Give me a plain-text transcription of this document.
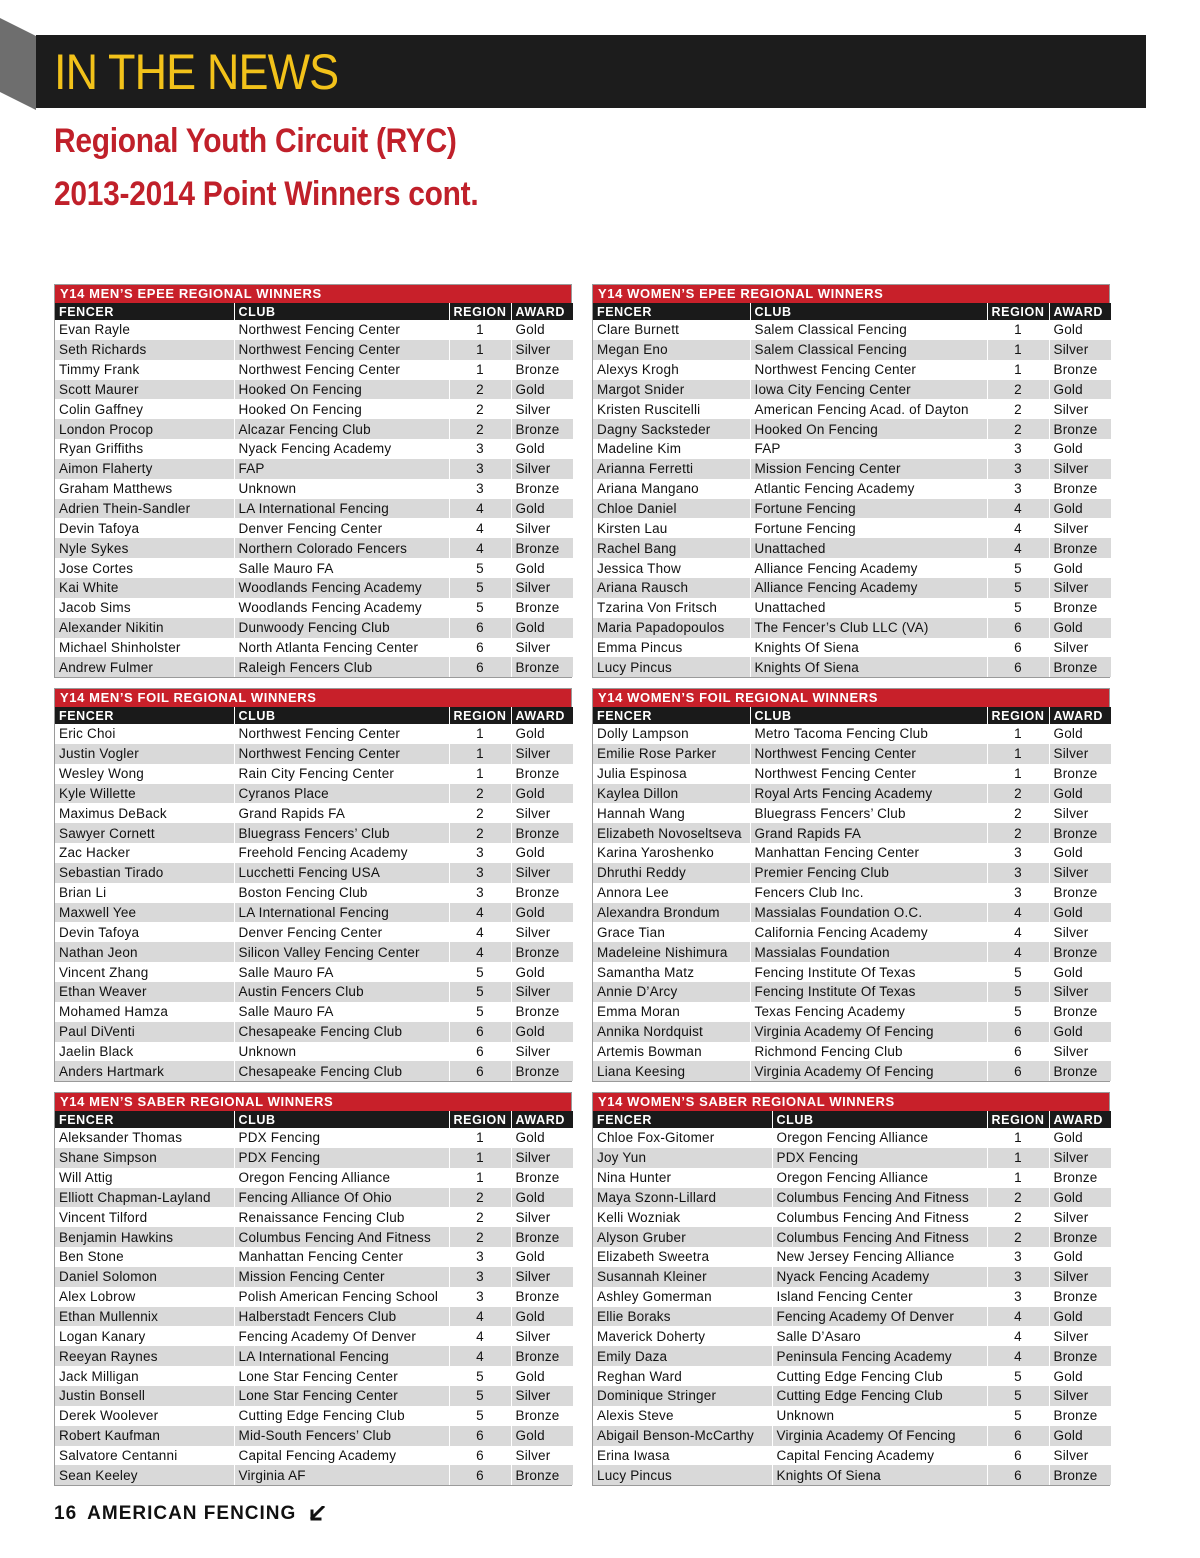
IN THE NEWS
Regional Youth Circuit (RYC)
2013-2014 Point Winners cont.
Y14 MEN’S EPEE REGIONAL WINNERS
FENCER	CLUB	REGION	AWARD
Evan Rayle	Northwest Fencing Center	1	Gold
Seth Richards	Northwest Fencing Center	1	Silver
Timmy Frank	Northwest Fencing Center	1	Bronze
Scott Maurer	Hooked On Fencing	2	Gold
Colin Gaffney	Hooked On Fencing	2	Silver
London Procop	Alcazar Fencing Club	2	Bronze
Ryan Griffiths	Nyack Fencing Academy	3	Gold
Aimon Flaherty	FAP	3	Silver
Graham Matthews	Unknown	3	Bronze
Adrien Thein-Sandler	LA International Fencing	4	Gold
Devin Tafoya	Denver Fencing Center	4	Silver
Nyle Sykes	Northern Colorado Fencers	4	Bronze
Jose Cortes	Salle Mauro FA	5	Gold
Kai White	Woodlands Fencing Academy	5	Silver
Jacob Sims	Woodlands Fencing Academy	5	Bronze
Alexander Nikitin	Dunwoody Fencing Club	6	Gold
Michael Shinholster	North Atlanta Fencing Center	6	Silver
Andrew Fulmer	Raleigh Fencers Club	6	Bronze
Y14 WOMEN’S EPEE REGIONAL WINNERS
FENCER	CLUB	REGION	AWARD
Clare Burnett	Salem Classical Fencing	1	Gold
Megan Eno	Salem Classical Fencing	1	Silver
Alexys Krogh	Northwest Fencing Center	1	Bronze
Margot Snider	Iowa City Fencing Center	2	Gold
Kristen Ruscitelli	American Fencing Acad. of Dayton	2	Silver
Dagny Sacksteder	Hooked On Fencing	2	Bronze
Madeline Kim	FAP	3	Gold
Arianna Ferretti	Mission Fencing Center	3	Silver
Ariana Mangano	Atlantic Fencing Academy	3	Bronze
Chloe Daniel	Fortune Fencing	4	Gold
Kirsten Lau	Fortune Fencing	4	Silver
Rachel Bang	Unattached	4	Bronze
Jessica Thow	Alliance Fencing Academy	5	Gold
Ariana Rausch	Alliance Fencing Academy	5	Silver
Tzarina Von Fritsch	Unattached	5	Bronze
Maria Papadopoulos	The Fencer’s Club LLC (VA)	6	Gold
Emma Pincus	Knights Of Siena	6	Silver
Lucy Pincus	Knights Of Siena	6	Bronze
Y14 MEN’S FOIL REGIONAL WINNERS
FENCER	CLUB	REGION	AWARD
Eric Choi	Northwest Fencing Center	1	Gold
Justin Vogler	Northwest Fencing Center	1	Silver
Wesley Wong	Rain City Fencing Center	1	Bronze
Kyle Willette	Cyranos Place	2	Gold
Maximus DeBack	Grand Rapids FA	2	Silver
Sawyer Cornett	Bluegrass Fencers’ Club	2	Bronze
Zac Hacker	Freehold Fencing Academy	3	Gold
Sebastian Tirado	Lucchetti Fencing USA	3	Silver
Brian Li	Boston Fencing Club	3	Bronze
Maxwell Yee	LA International Fencing	4	Gold
Devin Tafoya	Denver Fencing Center	4	Silver
Nathan Jeon	Silicon Valley Fencing Center	4	Bronze
Vincent Zhang	Salle Mauro FA	5	Gold
Ethan Weaver	Austin Fencers Club	5	Silver
Mohamed Hamza	Salle Mauro FA	5	Bronze
Paul DiVenti	Chesapeake Fencing Club	6	Gold
Jaelin Black	Unknown	6	Silver
Anders Hartmark	Chesapeake Fencing Club	6	Bronze
Y14 WOMEN’S FOIL REGIONAL WINNERS
FENCER	CLUB	REGION	AWARD
Dolly Lampson	Metro Tacoma Fencing Club	1	Gold
Emilie Rose Parker	Northwest Fencing Center	1	Silver
Julia Espinosa	Northwest Fencing Center	1	Bronze
Kaylea Dillon	Royal Arts Fencing Academy	2	Gold
Hannah Wang	Bluegrass Fencers’ Club	2	Silver
Elizabeth Novoseltseva	Grand Rapids FA	2	Bronze
Karina Yaroshenko	Manhattan Fencing Center	3	Gold
Dhruthi Reddy	Premier Fencing Club	3	Silver
Annora Lee	Fencers Club Inc.	3	Bronze
Alexandra Brondum	Massialas Foundation O.C.	4	Gold
Grace Tian	California Fencing Academy	4	Silver
Madeleine Nishimura	Massialas Foundation	4	Bronze
Samantha Matz	Fencing Institute Of Texas	5	Gold
Annie D’Arcy	Fencing Institute Of Texas	5	Silver
Emma Moran	Texas Fencing Academy	5	Bronze
Annika Nordquist	Virginia Academy Of Fencing	6	Gold
Artemis Bowman	Richmond Fencing Club	6	Silver
Liana Keesing	Virginia Academy Of Fencing	6	Bronze
Y14 MEN’S SABER REGIONAL WINNERS
FENCER	CLUB	REGION	AWARD
Aleksander Thomas	PDX Fencing	1	Gold
Shane Simpson	PDX Fencing	1	Silver
Will Attig	Oregon Fencing Alliance	1	Bronze
Elliott Chapman-Layland	Fencing Alliance Of Ohio	2	Gold
Vincent Tilford	Renaissance Fencing Club	2	Silver
Benjamin Hawkins	Columbus Fencing And Fitness	2	Bronze
Ben Stone	Manhattan Fencing Center	3	Gold
Daniel Solomon	Mission Fencing Center	3	Silver
Alex Lobrow	Polish American Fencing School	3	Bronze
Ethan Mullennix	Halberstadt Fencers Club	4	Gold
Logan Kanary	Fencing Academy Of Denver	4	Silver
Reeyan Raynes	LA International Fencing	4	Bronze
Jack Milligan	Lone Star Fencing Center	5	Gold
Justin Bonsell	Lone Star Fencing Center	5	Silver
Derek Woolever	Cutting Edge Fencing Club	5	Bronze
Robert Kaufman	Mid-South Fencers’ Club	6	Gold
Salvatore Centanni	Capital Fencing Academy	6	Silver
Sean Keeley	Virginia AF	6	Bronze
Y14 WOMEN’S SABER REGIONAL WINNERS
FENCER	CLUB	REGION	AWARD
Chloe Fox-Gitomer	Oregon Fencing Alliance	1	Gold
Joy Yun	PDX Fencing	1	Silver
Nina Hunter	Oregon Fencing Alliance	1	Bronze
Maya Szonn-Lillard	Columbus Fencing And Fitness	2	Gold
Kelli Wozniak	Columbus Fencing And Fitness	2	Silver
Alyson Gruber	Columbus Fencing And Fitness	2	Bronze
Elizabeth Sweetra	New Jersey Fencing Alliance	3	Gold
Susannah Kleiner	Nyack Fencing Academy	3	Silver
Ashley Gomerman	Island Fencing Center	3	Bronze
Ellie Boraks	Fencing Academy Of Denver	4	Gold
Maverick Doherty	Salle D’Asaro	4	Silver
Emily Daza	Peninsula Fencing Academy	4	Bronze
Reghan Ward	Cutting Edge Fencing Club	5	Gold
Dominique Stringer	Cutting Edge Fencing Club	5	Silver
Alexis Steve	Unknown	5	Bronze
Abigail Benson-McCarthy	Virginia Academy Of Fencing	6	Gold
Erina Iwasa	Capital Fencing Academy	6	Silver
Lucy Pincus	Knights Of Siena	6	Bronze
16 AMERICAN FENCING
